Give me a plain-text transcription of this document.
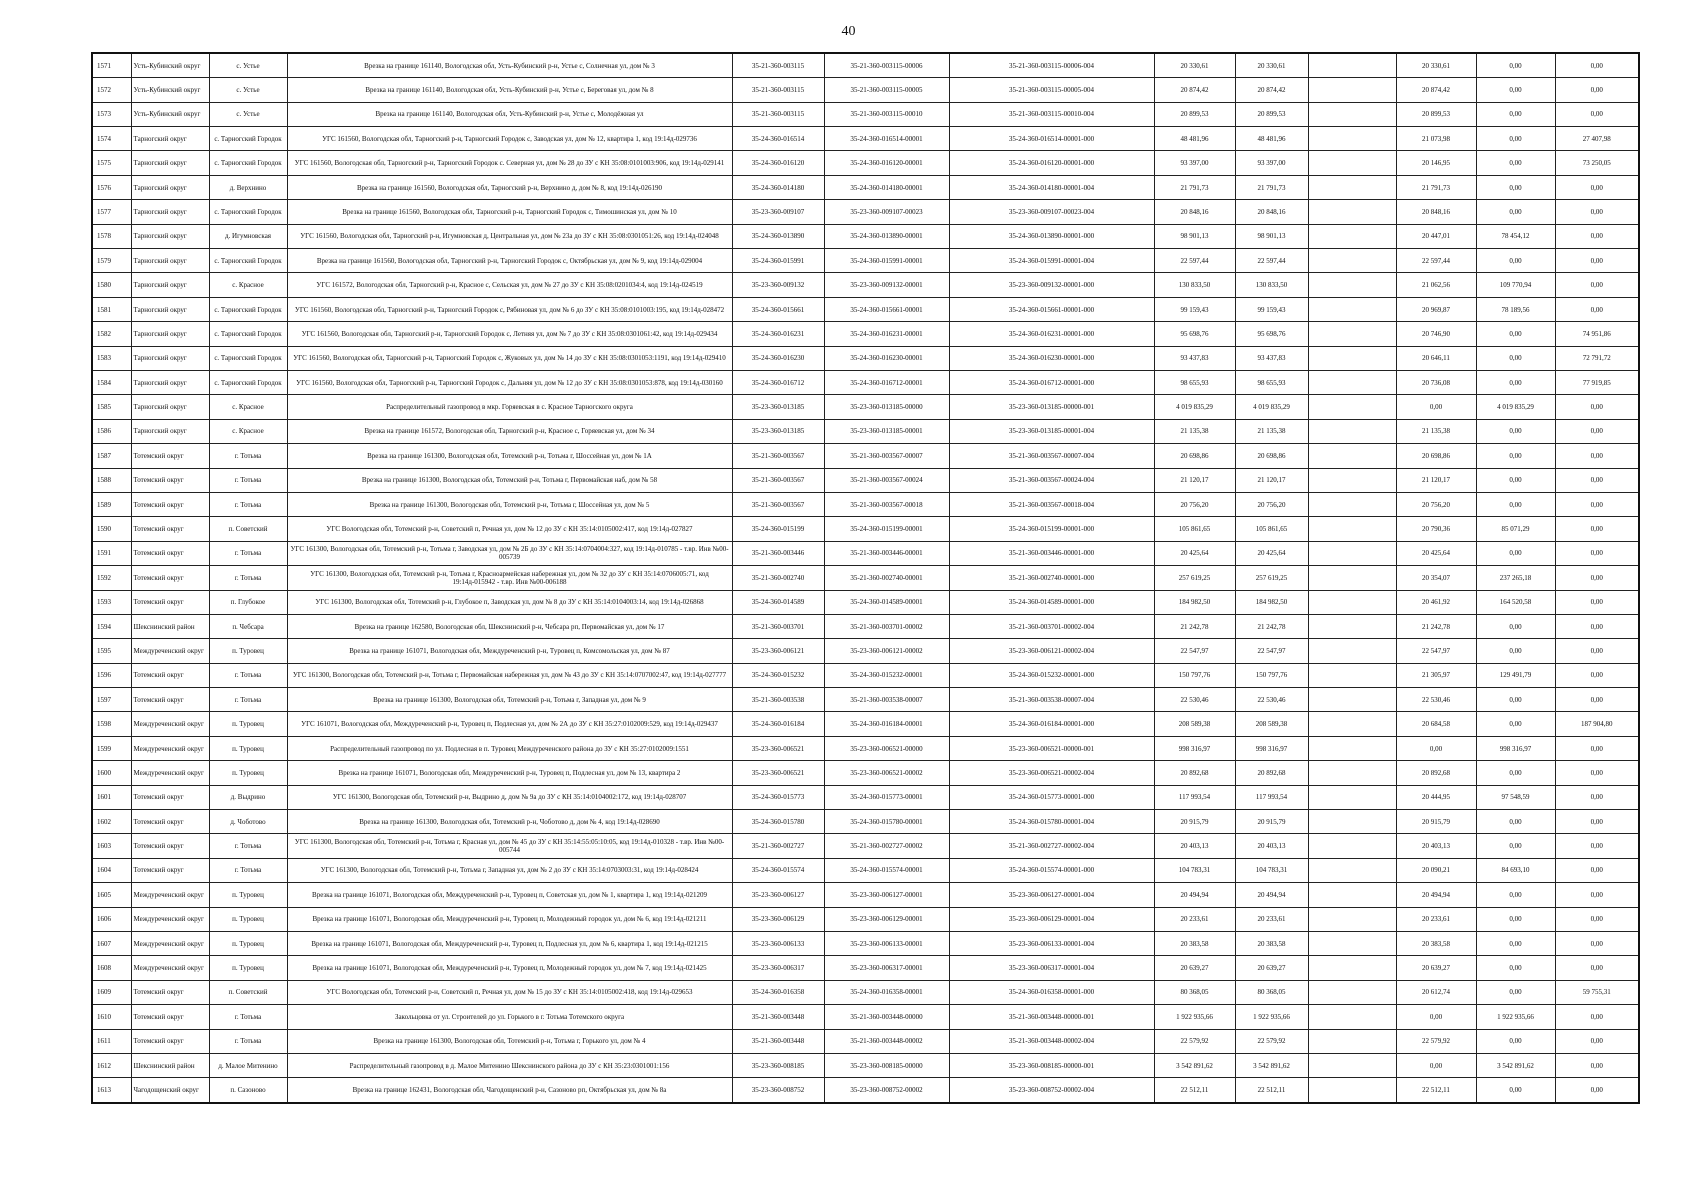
40
1571	Усть-Кубинский округ	с. Устье	Врезка на границе 161140, Вологодская обл, Усть-Кубинский р-н, Устье с, Солнечная ул, дом № 3	35-21-360-003115	35-21-360-003115-00006	35-21-360-003115-00006-004	20 330,61	20 330,61		20 330,61	0,00	0,00
1572	Усть-Кубинский округ	с. Устье	Врезка на границе 161140, Вологодская обл, Усть-Кубинский р-н, Устье с, Береговая ул, дом № 8	35-21-360-003115	35-21-360-003115-00005	35-21-360-003115-00005-004	20 874,42	20 874,42		20 874,42	0,00	0,00
1573	Усть-Кубинский округ	с. Устье	Врезка на границе 161140, Вологодская обл, Усть-Кубинский р-н, Устье с, Молодёжная ул	35-21-360-003115	35-21-360-003115-00010	35-21-360-003115-00010-004	20 899,53	20 899,53		20 899,53	0,00	0,00
1574	Тарногский округ	с. Тарногский Городок	УГС 161560, Вологодская обл, Тарногский р-н, Тарногский Городок с, Заводская ул, дом № 12, квартира 1, код 19:14д-029736	35-24-360-016514	35-24-360-016514-00001	35-24-360-016514-00001-000	48 481,96	48 481,96		21 073,98	0,00	27 407,98
1575	Тарногский округ	с. Тарногский Городок	УГС 161560, Вологодская обл, Тарногский р-н, Тарногский Городок с. Северная ул, дом № 28 до ЗУ с КН 35:08:0101003:906, код 19:14д-029141	35-24-360-016120	35-24-360-016120-00001	35-24-360-016120-00001-000	93 397,00	93 397,00		20 146,95	0,00	73 250,05
1576	Тарногский округ	д. Верхнино	Врезка на границе 161560, Вологодская обл, Тарногский р-н, Верхнино д, дом № 8, код 19:14д-026190	35-24-360-014180	35-24-360-014180-00001	35-24-360-014180-00001-004	21 791,73	21 791,73		21 791,73	0,00	0,00
1577	Тарногский округ	с. Тарногский Городок	Врезка на границе 161560, Вологодская обл, Тарногский р-н, Тарногский Городок с, Тимошинская ул, дом № 10	35-23-360-009107	35-23-360-009107-00023	35-23-360-009107-00023-004	20 848,16	20 848,16		20 848,16	0,00	0,00
1578	Тарногский округ	д. Игумновская	УГС 161560, Вологодская обл, Тарногский р-н, Игумновская д, Центральная ул, дом № 23а до ЗУ с КН 35:08:0301051:26, код 19:14д-024048	35-24-360-013890	35-24-360-013890-00001	35-24-360-013890-00001-000	98 901,13	98 901,13		20 447,01	78 454,12	0,00
1579	Тарногский округ	с. Тарногский Городок	Врезка на границе 161560, Вологодская обл, Тарногский р-н, Тарногский Городок с, Октябрьская ул, дом № 9, код 19:14д-029004	35-24-360-015991	35-24-360-015991-00001	35-24-360-015991-00001-004	22 597,44	22 597,44		22 597,44	0,00	0,00
1580	Тарногский округ	с. Красное	УГС 161572, Вологодская обл, Тарногский р-н, Красное с, Сельская ул, дом № 27 до ЗУ с КН 35:08:0201034:4, код 19:14д-024519	35-23-360-009132	35-23-360-009132-00001	35-23-360-009132-00001-000	130 833,50	130 833,50		21 062,56	109 770,94	0,00
1581	Тарногский округ	с. Тарногский Городок	УГС 161560, Вологодская обл, Тарногский р-н, Тарногский Городок с, Рябиновая ул, дом № 6 до ЗУ с КН 35:08:0101003:195, код 19:14д-028472	35-24-360-015661	35-24-360-015661-00001	35-24-360-015661-00001-000	99 159,43	99 159,43		20 969,87	78 189,56	0,00
1582	Тарногский округ	с. Тарногский Городок	УГС 161560, Вологодская обл, Тарногский р-н, Тарногский Городок с, Летняя ул, дом № 7 до ЗУ с КН 35:08:0301061:42, код 19:14д-029434	35-24-360-016231	35-24-360-016231-00001	35-24-360-016231-00001-000	95 698,76	95 698,76		20 746,90	0,00	74 951,86
1583	Тарногский округ	с. Тарногский Городок	УГС 161560, Вологодская обл, Тарногский р-н, Тарногский Городок с, Жуковых ул, дом № 14 до ЗУ с КН 35:08:0301053:1191, код 19:14д-029410	35-24-360-016230	35-24-360-016230-00001	35-24-360-016230-00001-000	93 437,83	93 437,83		20 646,11	0,00	72 791,72
1584	Тарногский округ	с. Тарногский Городок	УГС 161560, Вологодская обл, Тарногский р-н, Тарногский Городок с, Дальняя ул, дом № 12 до ЗУ с КН 35:08:0301053:878, код 19:14д-030160	35-24-360-016712	35-24-360-016712-00001	35-24-360-016712-00001-000	98 655,93	98 655,93		20 736,08	0,00	77 919,85
1585	Тарногский округ	с. Красное	Распределительный газопровод в мкр. Горяевская в с. Красное Тарногского округа	35-23-360-013185	35-23-360-013185-00000	35-23-360-013185-00000-001	4 019 835,29	4 019 835,29		0,00	4 019 835,29	0,00
1586	Тарногский округ	с. Красное	Врезка на границе 161572, Вологодская обл, Тарногский р-н, Красное с, Горяевская ул, дом № 34	35-23-360-013185	35-23-360-013185-00001	35-23-360-013185-00001-004	21 135,38	21 135,38		21 135,38	0,00	0,00
1587	Тотемский округ	г. Тотьма	Врезка на границе 161300, Вологодская обл, Тотемский р-н, Тотьма г, Шоссейная ул, дом № 1А	35-21-360-003567	35-21-360-003567-00007	35-21-360-003567-00007-004	20 698,86	20 698,86		20 698,86	0,00	0,00
1588	Тотемский округ	г. Тотьма	Врезка на границе 161300, Вологодская обл, Тотемский р-н, Тотьма г, Первомайская наб, дом № 58	35-21-360-003567	35-21-360-003567-00024	35-21-360-003567-00024-004	21 120,17	21 120,17		21 120,17	0,00	0,00
1589	Тотемский округ	г. Тотьма	Врезка на границе 161300, Вологодская обл, Тотемский р-н, Тотьма г, Шоссейная ул, дом № 5	35-21-360-003567	35-21-360-003567-00018	35-21-360-003567-00018-004	20 756,20	20 756,20		20 756,20	0,00	0,00
1590	Тотемский округ	п. Советский	УГС Вологодская обл, Тотемский р-н, Советский п, Речная ул, дом № 12 до ЗУ с КН 35:14:0105002:417, код 19:14д-027827	35-24-360-015199	35-24-360-015199-00001	35-24-360-015199-00001-000	105 861,65	105 861,65		20 790,36	85 071,29	0,00
1591	Тотемский округ	г. Тотьма	УГС 161300, Вологодская обл, Тотемский р-н, Тотьма г, Заводская ул, дом № 2Б до ЗУ с КН 35:14:0704004:327, код 19:14д-010785 - т.вр. Инв №00-005739	35-21-360-003446	35-21-360-003446-00001	35-21-360-003446-00001-000	20 425,64	20 425,64		20 425,64	0,00	0,00
1592	Тотемский округ	г. Тотьма	УГС 161300, Вологодская обл, Тотемский р-н, Тотьма г, Красноармейская набережная ул, дом № 32 до ЗУ с КН 35:14:0706005:71, код 19:14д-015942 - т.вр. Инв №00-006188	35-21-360-002740	35-21-360-002740-00001	35-21-360-002740-00001-000	257 619,25	257 619,25		20 354,07	237 265,18	0,00
1593	Тотемский округ	п. Глубокое	УГС 161300, Вологодская обл, Тотемский р-н, Глубокое п, Заводская ул, дом № 8 до ЗУ с КН 35:14:0104003:14, код 19:14д-026868	35-24-360-014589	35-24-360-014589-00001	35-24-360-014589-00001-000	184 982,50	184 982,50		20 461,92	164 520,58	0,00
1594	Шекснинский район	п. Чебсара	Врезка на границе 162580, Вологодская обл, Шекснинский р-н, Чебсара рп, Первомайская ул, дом № 17	35-21-360-003701	35-21-360-003701-00002	35-21-360-003701-00002-004	21 242,78	21 242,78		21 242,78	0,00	0,00
1595	Междуреченский округ	п. Туровец	Врезка на границе 161071, Вологодская обл, Междуреченский р-н, Туровец п, Комсомольская ул, дом № 87	35-23-360-006121	35-23-360-006121-00002	35-23-360-006121-00002-004	22 547,97	22 547,97		22 547,97	0,00	0,00
1596	Тотемский округ	г. Тотьма	УГС 161300, Вологодская обл, Тотемский р-н, Тотьма г, Первомайская набережная ул, дом № 43 до ЗУ с КН 35:14:0707002:47, код 19:14д-027777	35-24-360-015232	35-24-360-015232-00001	35-24-360-015232-00001-000	150 797,76	150 797,76		21 305,97	129 491,79	0,00
1597	Тотемский округ	г. Тотьма	Врезка на границе 161300, Вологодская обл, Тотемский р-н, Тотьма г, Западная ул, дом № 9	35-21-360-003538	35-21-360-003538-00007	35-21-360-003538-00007-004	22 530,46	22 530,46		22 530,46	0,00	0,00
1598	Междуреченский округ	п. Туровец	УГС 161071, Вологодская обл, Междуреченский р-н, Туровец п, Подлесная ул, дом № 2А до ЗУ с КН 35:27:0102009:529, код 19:14д-029437	35-24-360-016184	35-24-360-016184-00001	35-24-360-016184-00001-000	208 589,38	208 589,38		20 684,58	0,00	187 904,80
1599	Междуреченский округ	п. Туровец	Распределительный газопровод по ул. Подлесная в п. Туровец Междуреченского района до ЗУ с КН 35:27:0102009:1551	35-23-360-006521	35-23-360-006521-00000	35-23-360-006521-00000-001	998 316,97	998 316,97		0,00	998 316,97	0,00
1600	Междуреченский округ	п. Туровец	Врезка на границе 161071, Вологодская обл, Междуреченский р-н, Туровец п, Подлесная ул, дом № 13, квартира 2	35-23-360-006521	35-23-360-006521-00002	35-23-360-006521-00002-004	20 892,68	20 892,68		20 892,68	0,00	0,00
1601	Тотемский округ	д. Выдрино	УГС 161300, Вологодская обл, Тотемский р-н, Выдрино д, дом № 9а до ЗУ с КН 35:14:0104002:172, код 19:14д-028707	35-24-360-015773	35-24-360-015773-00001	35-24-360-015773-00001-000	117 993,54	117 993,54		20 444,95	97 548,59	0,00
1602	Тотемский округ	д. Чоботово	Врезка на границе 161300, Вологодская обл, Тотемский р-н, Чоботово д, дом № 4, код 19:14д-028690	35-24-360-015780	35-24-360-015780-00001	35-24-360-015780-00001-004	20 915,79	20 915,79		20 915,79	0,00	0,00
1603	Тотемский округ	г. Тотьма	УГС 161300, Вологодская обл, Тотемский р-н, Тотьма г, Красная ул, дом № 45 до ЗУ с КН 35:14:55:05:10:05, код 19:14д-010328 - т.вр. Инв №00-005744	35-21-360-002727	35-21-360-002727-00002	35-21-360-002727-00002-004	20 403,13	20 403,13		20 403,13	0,00	0,00
1604	Тотемский округ	г. Тотьма	УГС 161300, Вологодская обл, Тотемский р-н, Тотьма г, Западная ул, дом № 2 до ЗУ с КН 35:14:0703003:31, код 19:14д-028424	35-24-360-015574	35-24-360-015574-00001	35-24-360-015574-00001-000	104 783,31	104 783,31		20 090,21	84 693,10	0,00
1605	Междуреченский округ	п. Туровец	Врезка на границе 161071, Вологодская обл, Междуреченский р-н, Туровец п, Советская ул, дом № 1, квартира 1, код 19:14д-021209	35-23-360-006127	35-23-360-006127-00001	35-23-360-006127-00001-004	20 494,94	20 494,94		20 494,94	0,00	0,00
1606	Междуреченский округ	п. Туровец	Врезка на границе 161071, Вологодская обл, Междуреченский р-н, Туровец п, Молодежный городок ул, дом № 6, код 19:14д-021211	35-23-360-006129	35-23-360-006129-00001	35-23-360-006129-00001-004	20 233,61	20 233,61		20 233,61	0,00	0,00
1607	Междуреченский округ	п. Туровец	Врезка на границе 161071, Вологодская обл, Междуреченский р-н, Туровец п, Подлесная ул, дом № 6, квартира 1, код 19:14д-021215	35-23-360-006133	35-23-360-006133-00001	35-23-360-006133-00001-004	20 383,58	20 383,58		20 383,58	0,00	0,00
1608	Междуреченский округ	п. Туровец	Врезка на границе 161071, Вологодская обл, Междуреченский р-н, Туровец п, Молодежный городок ул, дом № 7, код 19:14д-021425	35-23-360-006317	35-23-360-006317-00001	35-23-360-006317-00001-004	20 639,27	20 639,27		20 639,27	0,00	0,00
1609	Тотемский округ	п. Советский	УГС Вологодская обл, Тотемский р-н, Советский п, Речная ул, дом № 15 до ЗУ с КН 35:14:0105002:418, код 19:14д-029653	35-24-360-016358	35-24-360-016358-00001	35-24-360-016358-00001-000	80 368,05	80 368,05		20 612,74	0,00	59 755,31
1610	Тотемский округ	г. Тотьма	Закольцовка от ул. Строителей до ул. Горького в г. Тотьма Тотемского округа	35-21-360-003448	35-21-360-003448-00000	35-21-360-003448-00000-001	1 922 935,66	1 922 935,66		0,00	1 922 935,66	0,00
1611	Тотемский округ	г. Тотьма	Врезка на границе 161300, Вологодская обл, Тотемский р-н, Тотьма г, Горького ул, дом № 4	35-21-360-003448	35-21-360-003448-00002	35-21-360-003448-00002-004	22 579,92	22 579,92		22 579,92	0,00	0,00
1612	Шекснинский район	д. Малое Митенино	Распределительный газопровод в д. Малое Митенино Шекснинского района до ЗУ с КН 35:23:0301001:156	35-23-360-008185	35-23-360-008185-00000	35-23-360-008185-00000-001	3 542 891,62	3 542 891,62		0,00	3 542 891,62	0,00
1613	Чагодощенский округ	п. Сазоново	Врезка на границе 162431, Вологодская обл, Чагодощенский р-н, Сазоново рп, Октябрьская ул, дом № 8а	35-23-360-008752	35-23-360-008752-00002	35-23-360-008752-00002-004	22 512,11	22 512,11		22 512,11	0,00	0,00
